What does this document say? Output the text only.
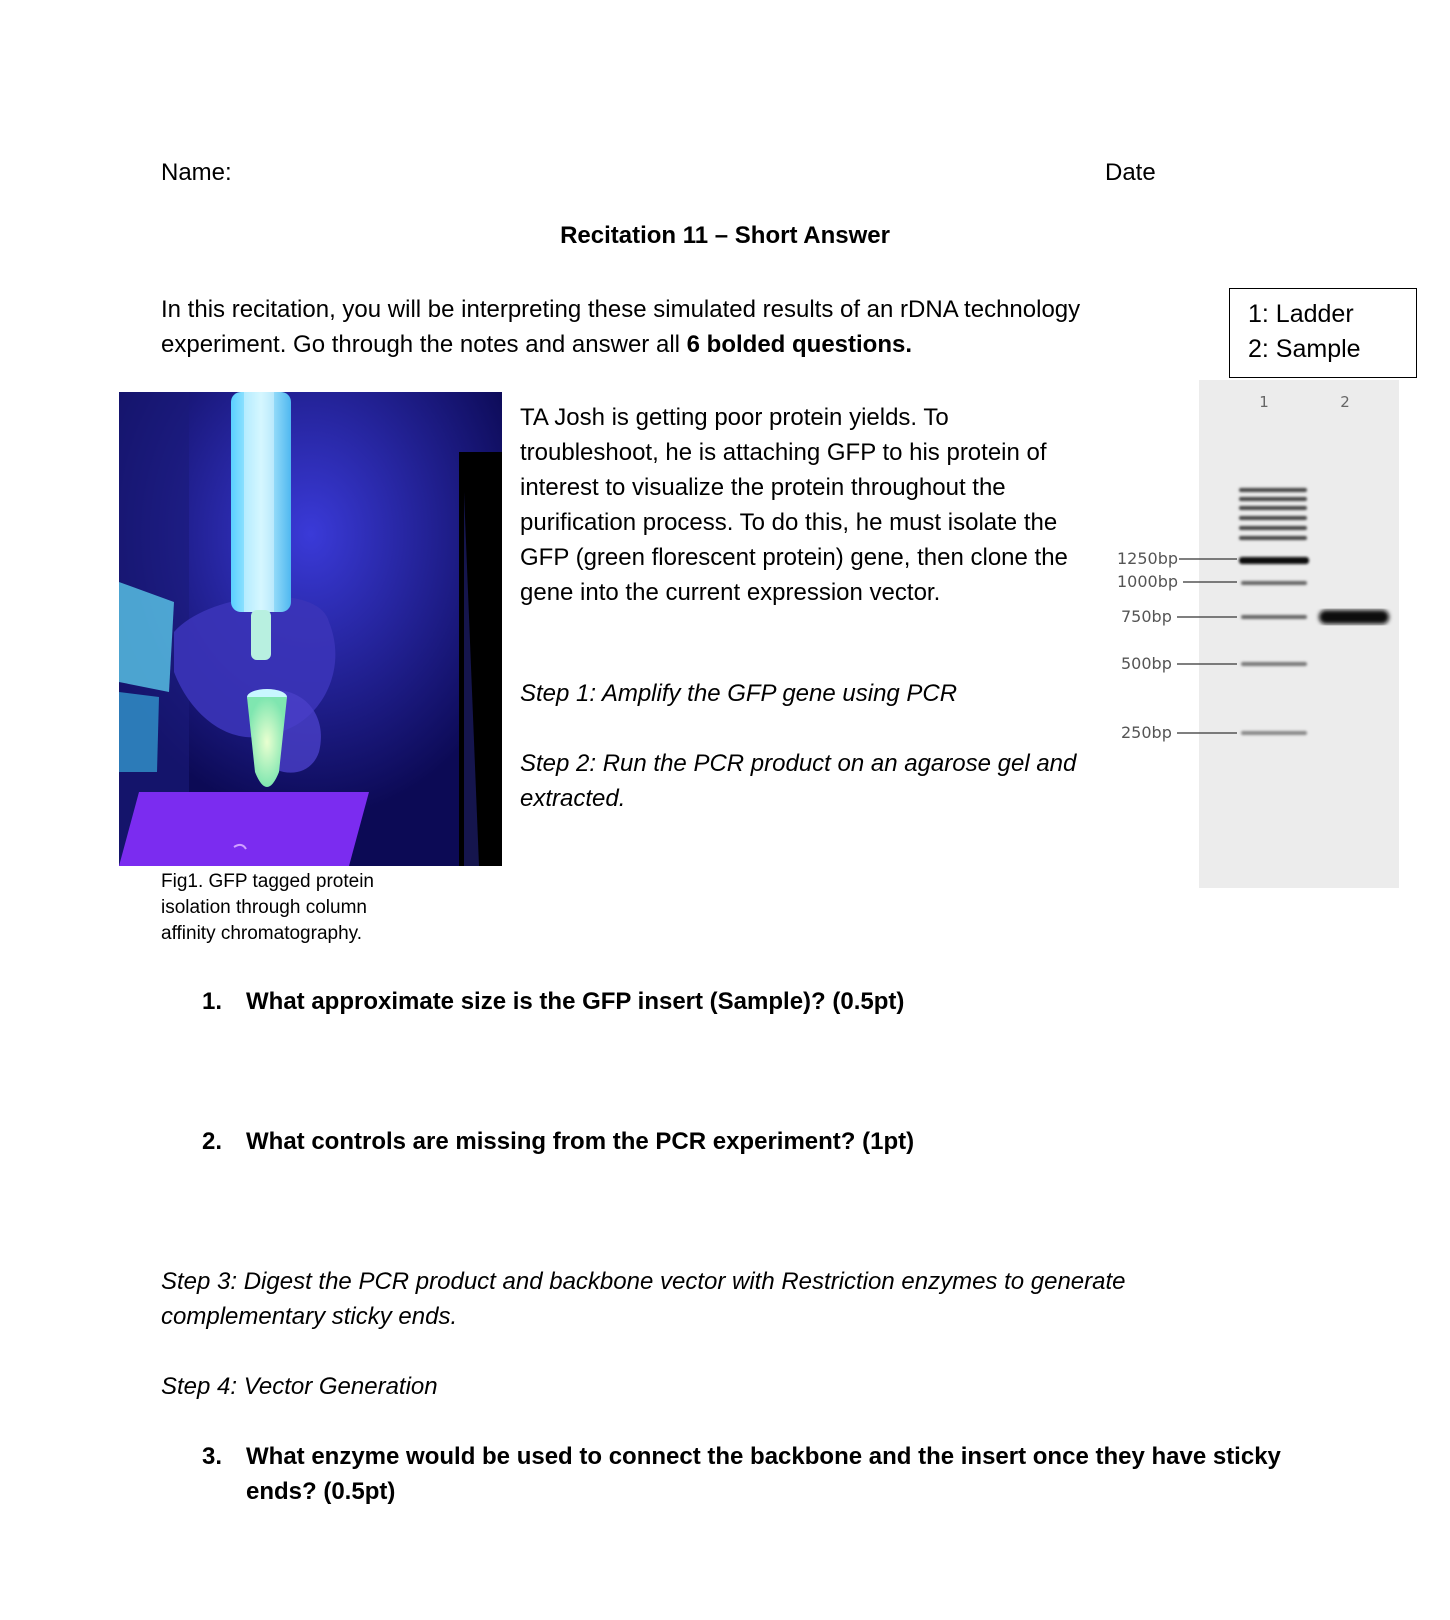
Name:	Date
Recitation 11 – Short Answer
In this recitation, you will be interpreting these simulated results of an rDNA technology experiment. Go through the notes and answer all 6 bolded questions.
1: Ladder
2: Sample
Fig1. GFP tagged protein isolation through column affinity chromatography.
TA Josh is getting poor protein yields. To troubleshoot, he is attaching GFP to his protein of interest to visualize the protein throughout the purification process. To do this, he must isolate the GFP (green florescent protein) gene, then clone the gene into the current expression vector.
Step 1: Amplify the GFP gene using PCR
Step 2: Run the PCR product on an agarose gel and extracted.
1	2
1250bp
1000bp
750bp
500bp
250bp
1. What approximate size is the GFP insert (Sample)? (0.5pt)
2. What controls are missing from the PCR experiment? (1pt)
Step 3: Digest the PCR product and backbone vector with Restriction enzymes to generate complementary sticky ends.
Step 4: Vector Generation
3. What enzyme would be used to connect the backbone and the insert once they have sticky ends? (0.5pt)
